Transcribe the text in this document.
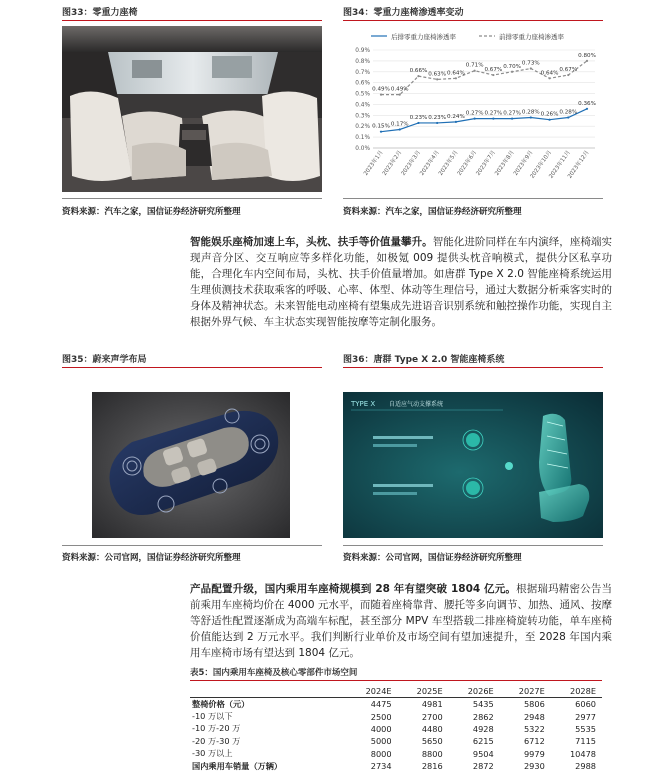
图33：零重力座椅
资料来源：汽车之家，国信证券经济研究所整理
图34：零重力座椅渗透率变动
后排零重力座椅渗透率	前排零重力座椅渗透率
0.0%
0.1%
0.2%
0.3%
0.4%
0.5%
0.6%
0.7%
0.8%
0.9%
2023年1月
2023年2月
2023年3月
2023年4月
2023年5月
2023年6月
2023年7月
2023年8月
2023年9月
2023年10月
2023年11月
2023年12月
0.15% 0.17%
0.23% 0.23% 0.24%
0.27% 0.27% 0.27% 0.28% 0.26% 0.28%
0.36%
0.49% 0.49%
0.66%
0.63% 0.64%
0.71%
0.67%
0.70%
0.73%
0.64%
0.67%
0.80%
资料来源：汽车之家，国信证券经济研究所整理
智能娱乐座椅加速上车，头枕、扶手等价值量攀升。智能化进阶同样在车内演绎，座椅端实现声音分区、交互响应等多样化功能，如极氪 009 提供头枕音响模式，提供分区私享功能，合理化车内空间布局，头枕、扶手价值量增加。如唐群 Type X 2.0 智能座椅系统运用生理侦测技术获取乘客的呼吸、心率、体型、体动等生理信号，通过大数据分析乘客实时的身体及精神状态。未来智能电动座椅有望集成先进语音识别系统和触控操作功能，实现自主根据外界气候、车主状态实现智能按摩等定制化服务。
图35：蔚来声学布局
资料来源：公司官网，国信证券经济研究所整理
图36：唐群 Type X 2.0 智能座椅系统
TYPE X 自适应气动支撑系统
资料来源：公司官网，国信证券经济研究所整理
产品配置升级，国内乘用车座椅规模到 28 年有望突破 1804 亿元。根据瑞玛精密公告当前乘用车座椅均价在 4000 元水平，而随着座椅靠背、腰托等多向调节、加热、通风、按摩等舒适性配置逐渐成为高端车标配，甚至部分 MPV 车型搭载二排座椅旋转功能，单车座椅价值能达到 2 万元水平。我们判断行业单价及市场空间有望加速提升，至 2028 年国内乘用车座椅市场有望达到 1804 亿元。
表5：国内乘用车座椅及核心零部件市场空间
	2024E	2025E	2026E	2027E	2028E
整椅价格（元）	4475	4981	5435	5806	6060
-10 万以下	2500	2700	2862	2948	2977
-10 万-20 万	4000	4480	4928	5322	5535
-20 万-30 万	5000	5650	6215	6712	7115
-30 万以上	8000	8800	9504	9979	10478
国内乘用车销量（万辆）	2734	2816	2872	2930	2988
